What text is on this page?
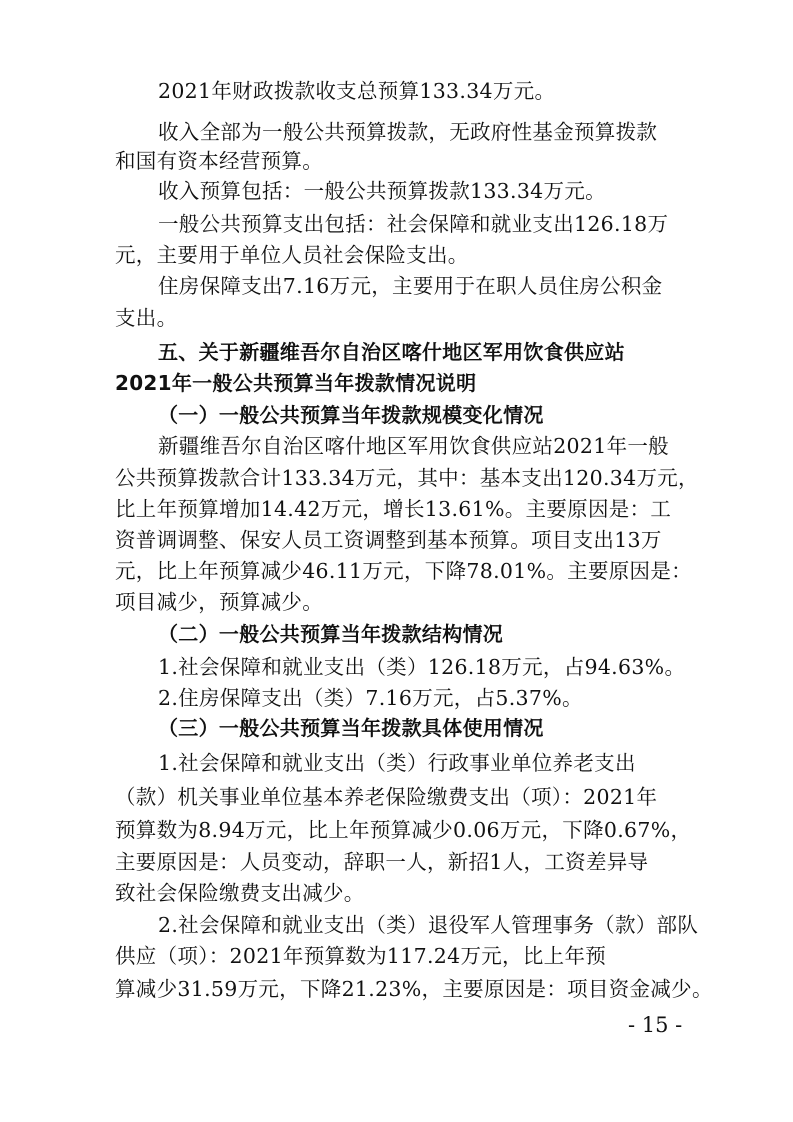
2021年财政拨款收支总预算133.34万元。
收入全部为一般公共预算拨款，无政府性基金预算拨款
和国有资本经营预算。
收入预算包括：一般公共预算拨款133.34万元。
一般公共预算支出包括：社会保障和就业支出126.18万
元，主要用于单位人员社会保险支出。
住房保障支出7.16万元，主要用于在职人员住房公积金
支出。
五、关于新疆维吾尔自治区喀什地区军用饮食供应站
2021年一般公共预算当年拨款情况说明
（一）一般公共预算当年拨款规模变化情况
新疆维吾尔自治区喀什地区军用饮食供应站2021年一般
公共预算拨款合计133.34万元，其中：基本支出120.34万元，
比上年预算增加14.42万元，增长13.61%。主要原因是：工
资普调调整、保安人员工资调整到基本预算。项目支出13万
元，比上年预算减少46.11万元，下降78.01%。主要原因是：
项目减少，预算减少。
（二）一般公共预算当年拨款结构情况
1.社会保障和就业支出（类）126.18万元，占94.63%。
2.住房保障支出（类）7.16万元，占5.37%。
（三）一般公共预算当年拨款具体使用情况
1.社会保障和就业支出（类）行政事业单位养老支出
（款）机关事业单位基本养老保险缴费支出（项）：2021年
预算数为8.94万元，比上年预算减少0.06万元，下降0.67%，
主要原因是：人员变动，辞职一人，新招1人，工资差异导
致社会保险缴费支出减少。
2.社会保障和就业支出（类）退役军人管理事务（款）部队
供应（项）：2021年预算数为117.24万元，比上年预
算减少31.59万元，下降21.23%，主要原因是：项目资金减少。
- 15 -
